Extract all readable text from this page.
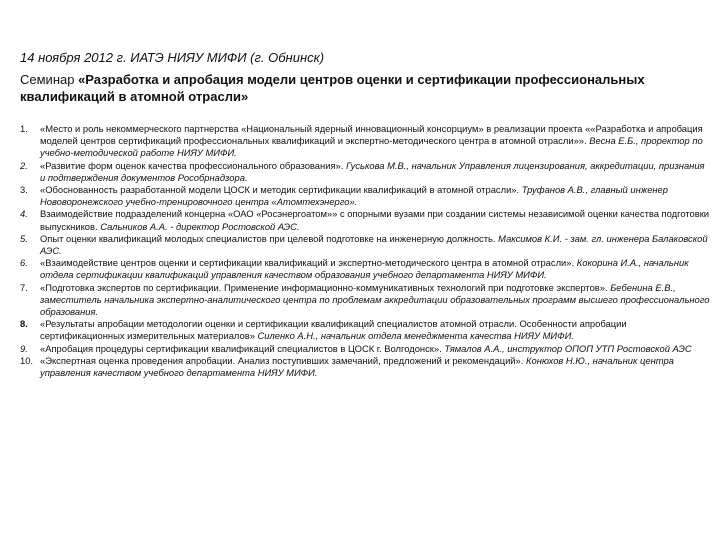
14 ноября 2012 г. ИАТЭ НИЯУ МИФИ (г. Обнинск)

Семинар «Разработка и апробация модели центров оценки и сертификации профессиональных квалификаций в атомной отрасли»

1. «Место и роль некоммерческого партнерства «Национальный ядерный инновационный консорциум» в реализации проекта ««Разработка и апробация моделей центров сертификаций профессиональных квалификаций и экспертно-методического центра в атомной отрасли»». Весна Е.Б., проректор по учебно-методической работе НИЯУ МИФИ.
2. «Развитие форм оценок качества профессионального образования». Гуськова М.В., начальник Управления лицензирования, аккредитации, признания и подтверждения документов Рособрнадзора.
3. «Обоснованность разработанной модели ЦОСК и методик сертификации квалификаций в атомной отрасли». Труфанов А.В., главный инженер Нововоронежского учебно-тренировочного центра «Атомтехэнерго».
4. Взаимодействие подразделений концерна «ОАО «Росэнергоатом»» с опорными вузами при создании системы независимой оценки качества подготовки выпускников. Сальников А.А. - директор Ростовской АЭС.
5. Опыт оценки квалификаций молодых специалистов при целевой подготовке на инженерную должность. Максимов К.И. - зам. гл. инженера Балаковской АЭС.
6. «Взаимодействие центров оценки и сертификации квалификаций и экспертно-методического центра в атомной отрасли». Кокорина И.А., начальник отдела сертификации квалификаций управления качеством образования учебного департамента НИЯУ МИФИ.
7. «Подготовка экспертов по сертификации. Применение информационно-коммуникативных технологий при подготовке экспертов». Бебенина Е.В., заместитель начальника экспертно-аналитического центра по проблемам аккредитации образовательных программ высшего профессионального образования.
8. «Результаты апробации методологии оценки и сертификации квалификаций специалистов атомной отрасли. Особенности апробации сертификационных измерительных материалов» Силенко А.Н., начальник отдела менеджмента качества НИЯУ МИФИ.
9. «Апробация процедуры сертификации квалификаций специалистов в ЦОСК г. Волгодонск». Тямалов А.А., инструктор ОПОП УТП Ростовской АЭС
10. «Экспертная оценка проведения апробации. Анализ поступивших замечаний, предложений и рекомендаций». Конюхов Н.Ю., начальник центра управления качеством учебного департамента НИЯУ МИФИ.
